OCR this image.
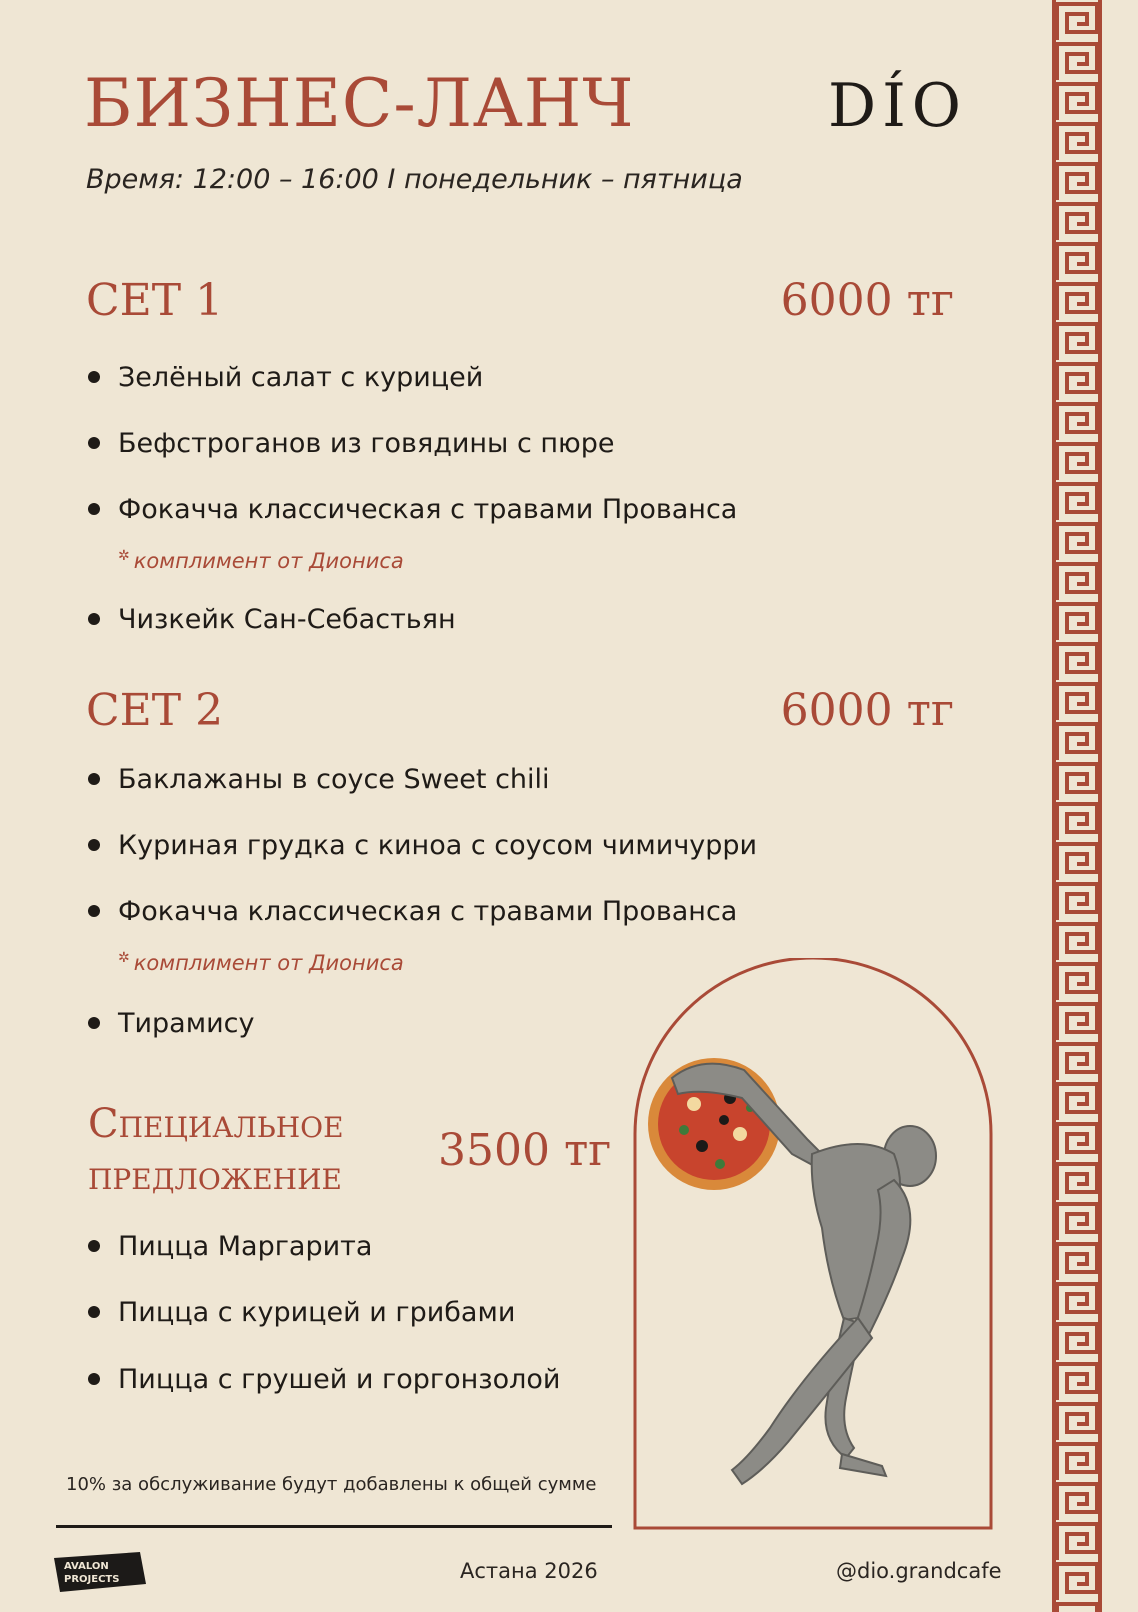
БИЗНЕС-ЛАНЧ	DÍO
Время: 12:00 – 16:00 I понедельник – пятница
СЕТ 1	6000 тг
Зелёный салат с курицей
Бефстроганов из говядины с пюре
Фокачча классическая с травами Прованса
✲ комплимент от Диониса
Чизкейк Сан-Себастьян
СЕТ 2	6000 тг
Баклажаны в соусе Sweet chili
Куриная грудка с киноа с соусом чимичурри
Фокачча классическая с травами Прованса
✲ комплимент от Диониса
Тирамису
Специальное
предложение 3500 тг
Пицца Маргарита
Пицца с курицей и грибами
Пицца с грушей и горгонзолой
10% за обслуживание будут добавлены к общей сумме
AVALON
PROJECTS	Астана 2026	@dio.grandcafe
